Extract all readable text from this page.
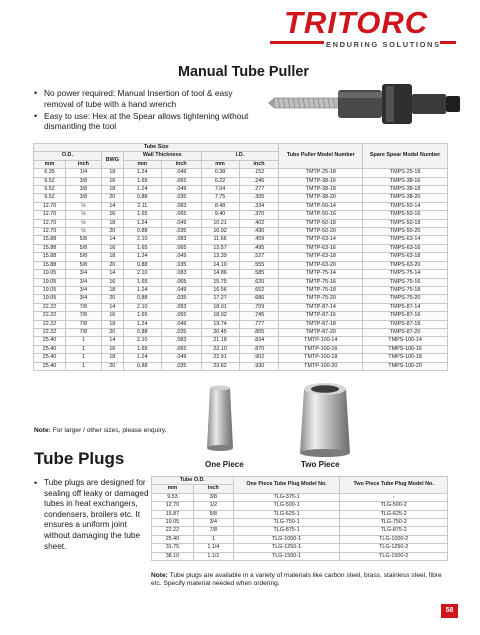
TRITORC
ENDURING SOLUTIONS
Manual Tube Puller
• No power required: Manual Insertion of tool & easy removal of tube with a hand wrench
• Easy to use: Hex at the Spear allows tightening without dismantling the tool
Tube Size							Tube Puller Model Number	Spare Spear Model Number
O.D.		BWG	Wall Thickness		I.D.			
mm	inch		mm	inch	mm	inch		
6.35	1/4	18	1.24	.049	0.38	.152	TMTP-25-18	TMPS-25-18
9.52	3/8	16	1.65	.065	6.22	.245	TMTP-38-16	TMPS-38-16
9.52	3/8	18	1.24	.049	7.04	.277	TMTP-38-18	TMPS-38-18
9.52	3/8	20	0.88	.035	7.75	.305	TMTP-38-20	TMPS-38-20
12.70	½	14	2.11	.083	8.48	.334	TMTP-50-14	TMPS-50-14
12.70	½	16	1.65	.065	9.40	.370	TMTP-50-16	TMPS-50-16
12.70	½	18	1.24	.049	10.21	.402	TMTP-50-18	TMPS-50-18
12.70	½	20	0.88	.035	10.92	.430	TMTP-50-20	TMPS-50-20
15.88	5/8	14	2.10	.083	11.66	.459	TMTP-63-14	TMPS-63-14
15.88	5/8	16	1.65	.065	12.57	.495	TMTP-63-16	TMPS-63-16
15.88	5/8	18	1.24	.049	13.39	.527	TMTP-63-18	TMPS-63-18
15.88	5/8	20	0.88	.035	14.10	.555	TMTP-63-20	TMPS-63-20
19.05	3/4	14	2.10	.083	14.86	.585	TMTP-75-14	TMPS-75-14
19.05	3/4	16	1.65	.065	15.75	.620	TMTP-75-16	TMPS-75-16
19.05	3/4	18	1.24	.049	16.56	.652	TMTP-75-18	TMPS-75-18
19.05	3/4	20	0.88	.035	17.27	.680	TMTP-75-20	TMPS-75-20
22.22	7/8	14	2.10	.083	18.01	.709	TMTP-87-14	TMPS-87-14
22.22	7/8	16	1.65	.065	18.92	.745	TMTP-87-16	TMPS-87-16
22.22	7/8	18	1.24	.049	19.74	.777	TMTP-87-18	TMPS-87-18
22.22	7/8	20	0.88	.035	20.45	.805	TMTP-87-20	TMPS-87-20
25.40	1	14	2.10	.083	21.18	.834	TMTP-100-14	TMPS-100-14
25.40	1	16	1.65	.065	22.10	.870	TMTP-100-16	TMPS-100-16
25.40	1	18	1.24	.049	22.91	.902	TMTP-100-18	TMPS-100-18
25.40	1	20	0.88	.035	23.62	.930	TMTP-100-20	TMPS-100-20
Note: For larger / other sizes, please enquiry.
Tube Plugs	One Piece	Two Piece
• Tube plugs are designed for sealing off leaky or damaged tubes in heat exchangers, condensers, broilers etc. It ensures a uniform joint without damaging the tube sheet.
Tube O.D.		One Piece Tube Plug Model No.	Two Piece Tube Plug Model No.
mm	inch		
9.53	3/8	TLG-375-1	-
12.70	1/2	TLG-500-1	TLG-500-2
15.87	5/8	TLG-625-1	TLG-625-2
19.05	3/4	TLG-750-1	TLG-750-2
22.22	7/8	TLG-875-1	TLG-875-2
25.40	1	TLG-1000-1	TLG-1000-2
31.75	1.1/4	TLG-1250-1	TLG-1250-2
38.10	1.1/2	TLG-1500-1	TLG-1500-2
Note: Tube plugs are available in a variety of materials like carbon steel, brass, stainless steel, fibre etc. Specify material needed when ordering.
58
